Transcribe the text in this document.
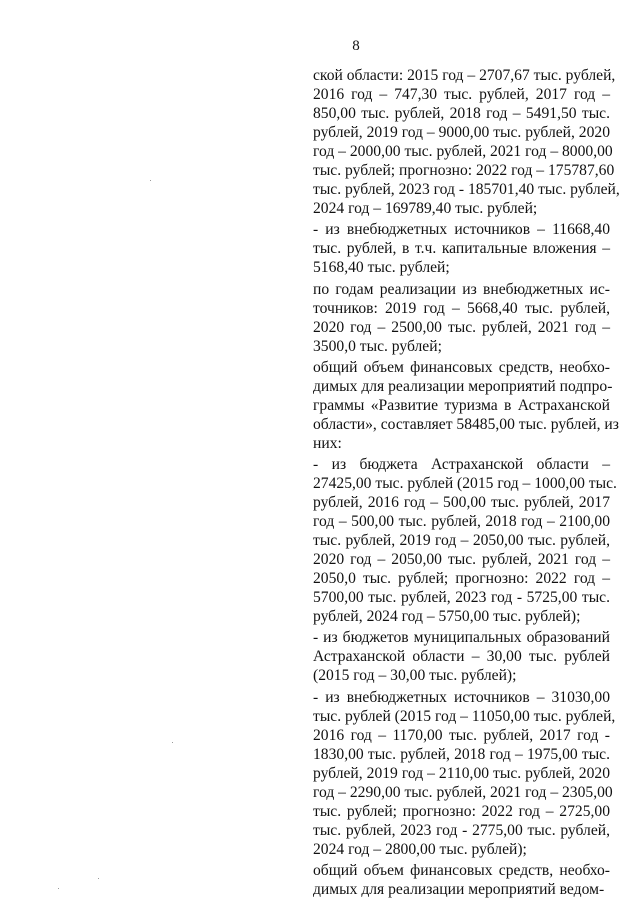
8
ской области: 2015 год – 2707,67 тыс. рублей,
2016 год – 747,30 тыс. рублей, 2017 год –
850,00 тыс. рублей, 2018 год – 5491,50 тыс.
рублей, 2019 год – 9000,00 тыс. рублей, 2020
год – 2000,00 тыс. рублей, 2021 год – 8000,00
тыс. рублей; прогнозно: 2022 год – 175787,60
тыс. рублей, 2023 год - 185701,40 тыс. рублей,
2024 год – 169789,40 тыс. рублей;
- из внебюджетных источников – 11668,40
тыс. рублей, в т.ч. капитальные вложения –
5168,40 тыс. рублей;
по годам реализации из внебюджетных ис-
точников: 2019 год – 5668,40 тыс. рублей,
2020 год – 2500,00 тыс. рублей, 2021 год –
3500,0 тыс. рублей;
общий объем финансовых средств, необхо-
димых для реализации мероприятий подпро-
граммы «Развитие туризма в Астраханской
области», составляет 58485,00 тыс. рублей, из
них:
- из бюджета Астраханской области –
27425,00 тыс. рублей (2015 год – 1000,00 тыс.
рублей, 2016 год – 500,00 тыс. рублей, 2017
год – 500,00 тыс. рублей, 2018 год – 2100,00
тыс. рублей, 2019 год – 2050,00 тыс. рублей,
2020 год – 2050,00 тыс. рублей, 2021 год –
2050,0 тыс. рублей; прогнозно: 2022 год –
5700,00 тыс. рублей, 2023 год - 5725,00 тыс.
рублей, 2024 год – 5750,00 тыс. рублей);
- из бюджетов муниципальных образований
Астраханской области – 30,00 тыс. рублей
(2015 год – 30,00 тыс. рублей);
- из внебюджетных источников – 31030,00
тыс. рублей (2015 год – 11050,00 тыс. рублей,
2016 год – 1170,00 тыс. рублей, 2017 год -
1830,00 тыс. рублей, 2018 год – 1975,00 тыс.
рублей, 2019 год – 2110,00 тыс. рублей, 2020
год – 2290,00 тыс. рублей, 2021 год – 2305,00
тыс. рублей; прогнозно: 2022 год – 2725,00
тыс. рублей, 2023 год - 2775,00 тыс. рублей,
2024 год – 2800,00 тыс. рублей);
общий объем финансовых средств, необхо-
димых для реализации мероприятий ведом-
